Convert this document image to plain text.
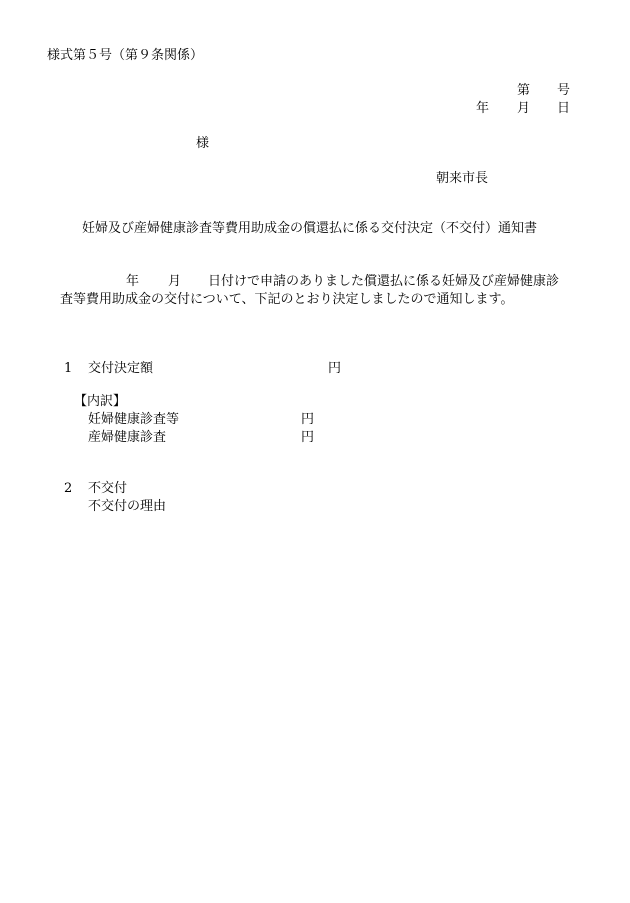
様式第５号（第９条関係）
第 号
年 月 日
様
朝来市長
妊婦及び産婦健康診査等費用助成金の償還払に係る交付決定（不交付）通知書
年 月 日付けで申請のありました償還払に係る妊婦及び産婦健康診
査等費用助成金の交付について、下記のとおり決定しましたので通知します。
1 交付決定額	円
【内訳】
妊婦健康診査等	円
産婦健康診査	円
2 不交付
不交付の理由
